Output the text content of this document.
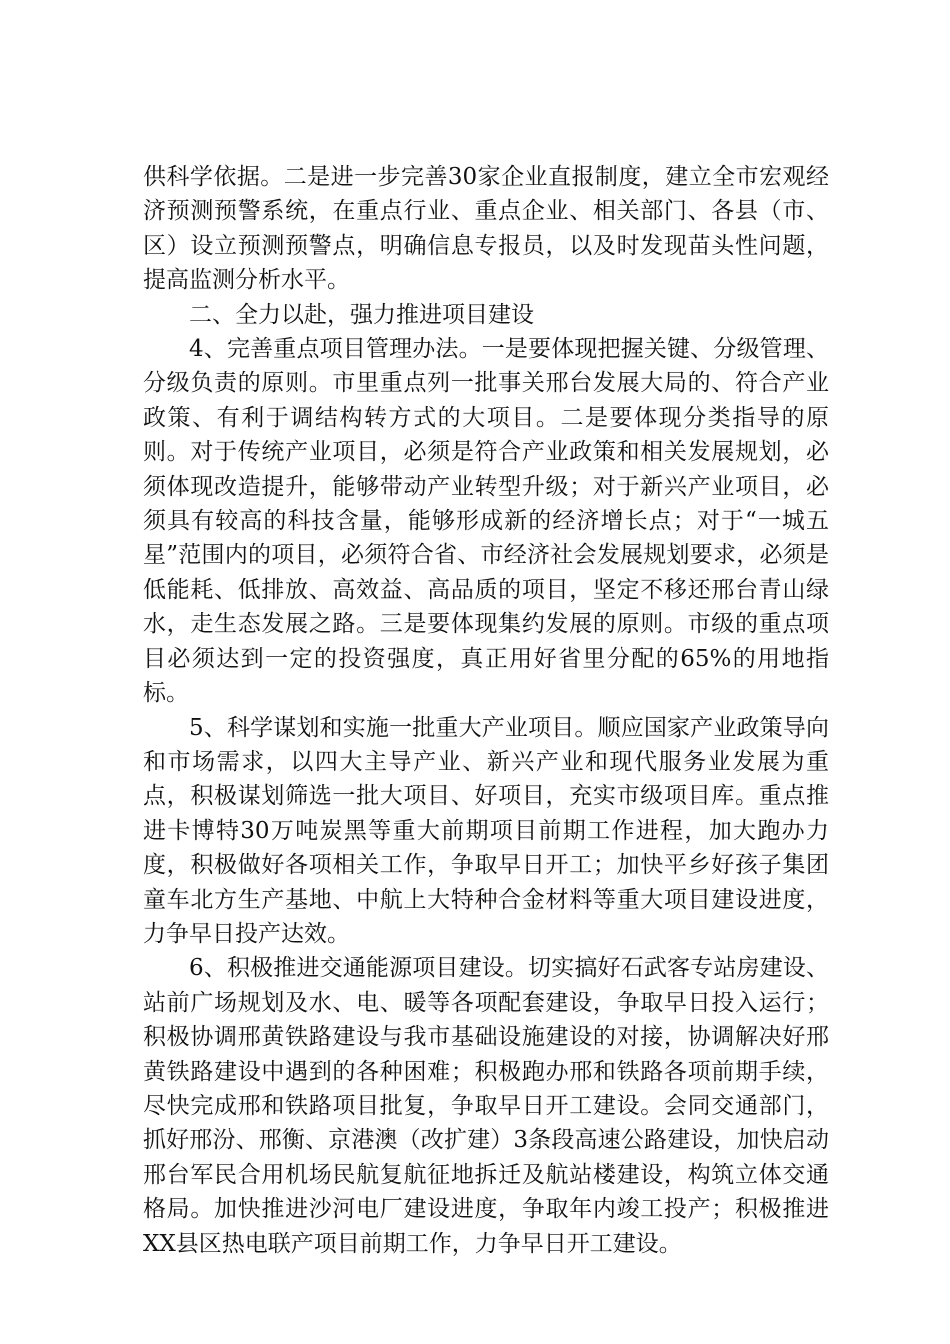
供科学依据。二是进一步完善30家企业直报制度，建立全市宏观经济预测预警系统，在重点行业、重点企业、相关部门、各县（市、区）设立预测预警点，明确信息专报员，以及时发现苗头性问题，提高监测分析水平。

二、全力以赴，强力推进项目建设

4、完善重点项目管理办法。一是要体现把握关键、分级管理、分级负责的原则。市里重点列一批事关邢台发展大局的、符合产业政策、有利于调结构转方式的大项目。二是要体现分类指导的原则。对于传统产业项目，必须是符合产业政策和相关发展规划，必须体现改造提升，能够带动产业转型升级；对于新兴产业项目，必须具有较高的科技含量，能够形成新的经济增长点；对于“一城五星”范围内的项目，必须符合省、市经济社会发展规划要求，必须是低能耗、低排放、高效益、高品质的项目，坚定不移还邢台青山绿水，走生态发展之路。三是要体现集约发展的原则。市级的重点项目必须达到一定的投资强度，真正用好省里分配的65%的用地指标。

5、科学谋划和实施一批重大产业项目。顺应国家产业政策导向和市场需求，以四大主导产业、新兴产业和现代服务业发展为重点，积极谋划筛选一批大项目、好项目，充实市级项目库。重点推进卡博特30万吨炭黑等重大前期项目前期工作进程，加大跑办力度，积极做好各项相关工作，争取早日开工；加快平乡好孩子集团童车北方生产基地、中航上大特种合金材料等重大项目建设进度，力争早日投产达效。

6、积极推进交通能源项目建设。切实搞好石武客专站房建设、站前广场规划及水、电、暖等各项配套建设，争取早日投入运行；积极协调邢黄铁路建设与我市基础设施建设的对接，协调解决好邢黄铁路建设中遇到的各种困难；积极跑办邢和铁路各项前期手续，尽快完成邢和铁路项目批复，争取早日开工建设。会同交通部门，抓好邢汾、邢衡、京港澳（改扩建）3条段高速公路建设，加快启动邢台军民合用机场民航复航征地拆迁及航站楼建设，构筑立体交通格局。加快推进沙河电厂建设进度，争取年内竣工投产；积极推进XX县区热电联产项目前期工作，力争早日开工建设。
